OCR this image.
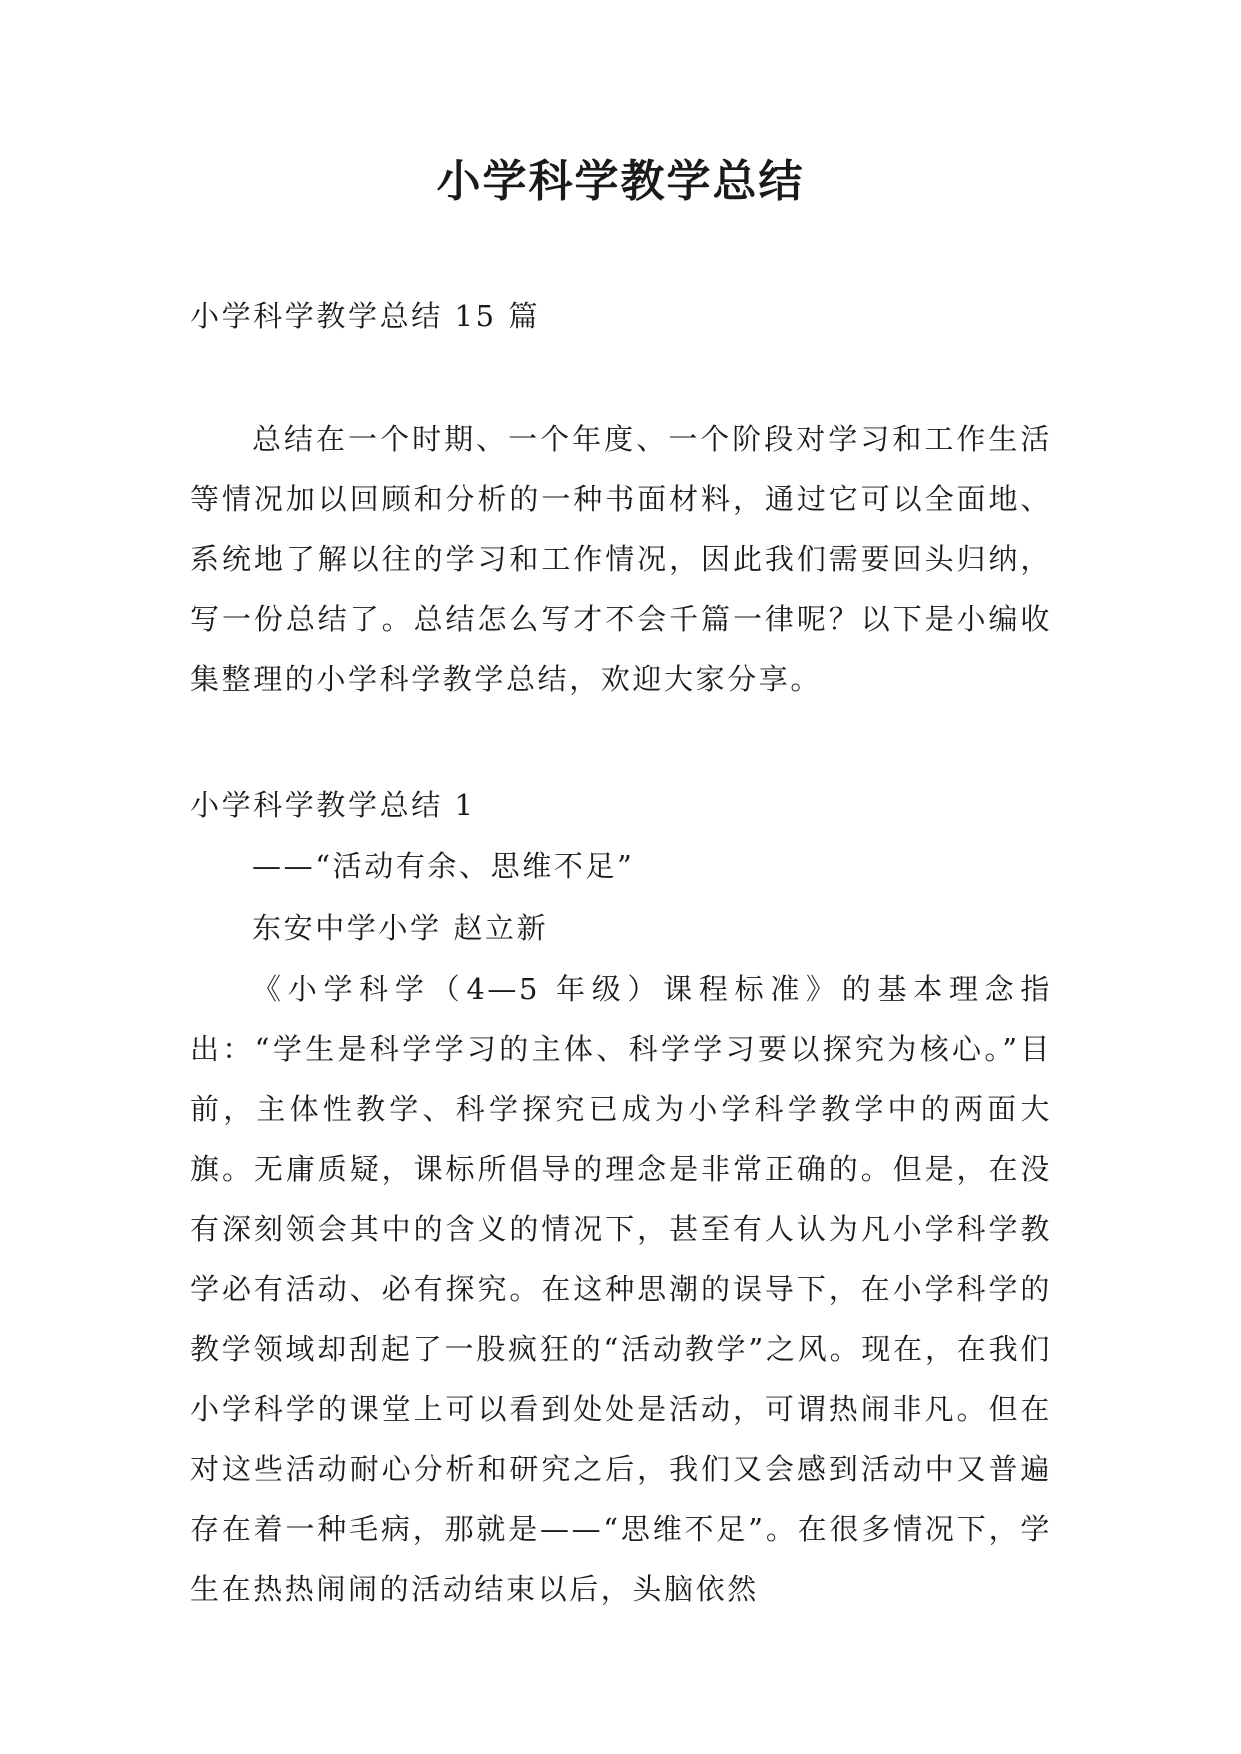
小学科学教学总结

小学科学教学总结 15 篇

总结在一个时期、一个年度、一个阶段对学习和工作生活等情况加以回顾和分析的一种书面材料，通过它可以全面地、系统地了解以往的学习和工作情况，因此我们需要回头归纳，写一份总结了。总结怎么写才不会千篇一律呢？以下是小编收集整理的小学科学教学总结，欢迎大家分享。

小学科学教学总结 1

——“活动有余、思维不足”

东安中学小学 赵立新

《小学科学（4—5 年级）课程标准》的基本理念指出：“学生是科学学习的主体、科学学习要以探究为核心。”目前，主体性教学、科学探究已成为小学科学教学中的两面大旗。无庸质疑，课标所倡导的理念是非常正确的。但是，在没有深刻领会其中的含义的情况下，甚至有人认为凡小学科学教学必有活动、必有探究。在这种思潮的误导下，在小学科学的教学领域却刮起了一股疯狂的“活动教学”之风。现在，在我们小学科学的课堂上可以看到处处是活动，可谓热闹非凡。但在对这些活动耐心分析和研究之后，我们又会感到活动中又普遍存在着一种毛病，那就是——“思维不足”。在很多情况下，学生在热热闹闹的活动结束以后，头脑依然
